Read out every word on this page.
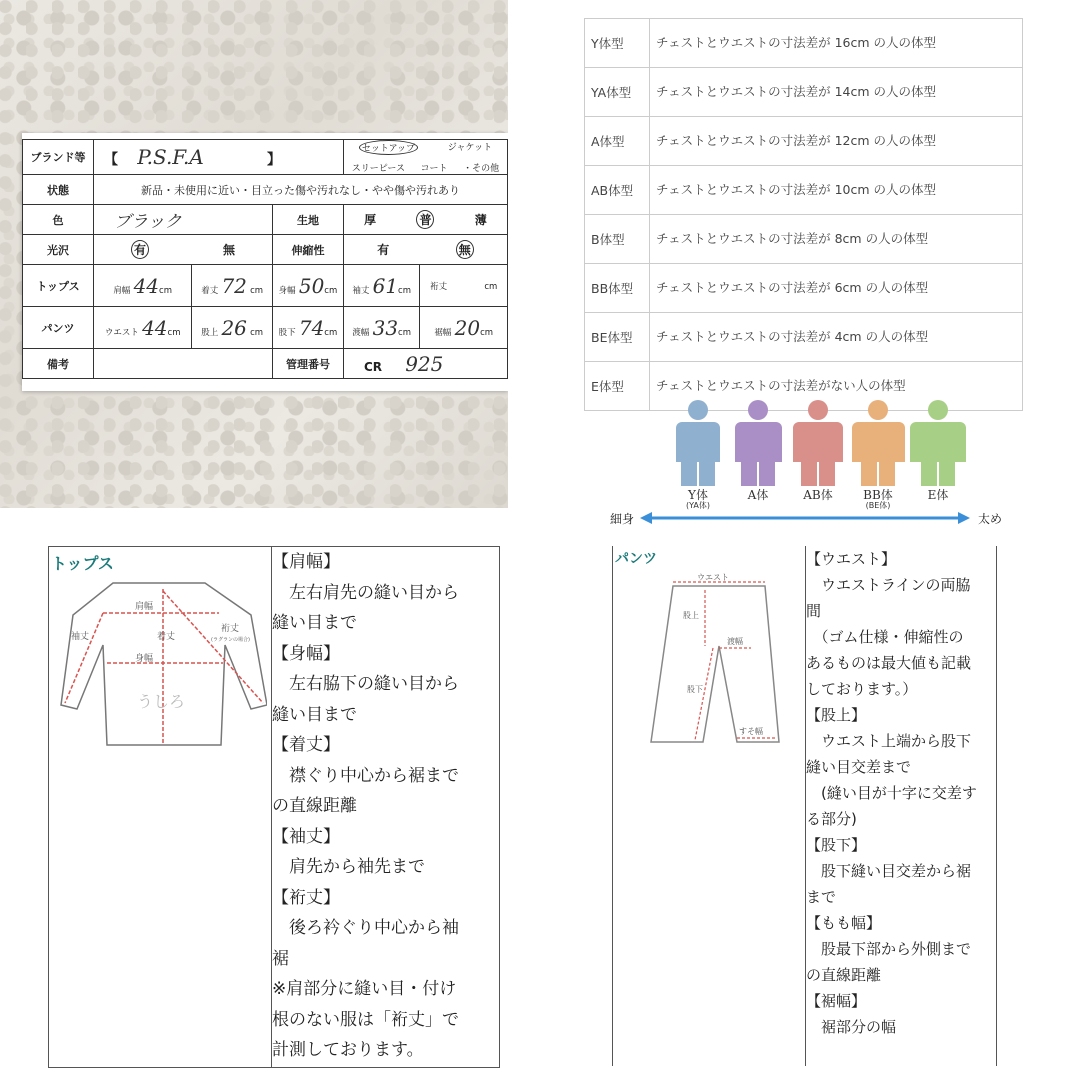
ブランド等	【 P.S.F.A 】			セットアップ ジャケット
スリーピース コート ・その他	

状態	新品・未使用に近い・目立った傷や汚れなし・やや傷や汚れあり				
色	ブラック		生地	厚 普 薄	

光沢	有 無		伸縮性	有 無	

トップス	肩幅 44cm	着丈 72 cm	身幅 50cm	袖丈 61cm	裄丈 cm
パンツ	ウエスト 44cm	股上 26 cm	股下 74cm	渡幅 33cm	裾幅 20cm
備考			管理番号	CR 925	
Y体型	チェストとウエストの寸法差が 16cm の人の体型
YA体型	チェストとウエストの寸法差が 14cm の人の体型
A体型	チェストとウエストの寸法差が 12cm の人の体型
AB体型	チェストとウエストの寸法差が 10cm の人の体型
B体型	チェストとウエストの寸法差が 8cm の人の体型
BB体型	チェストとウエストの寸法差が 6cm の人の体型
BE体型	チェストとウエストの寸法差が 4cm の人の体型
E体型	チェストとウエストの寸法差がない人の体型
Y体
(YA体)
A体	AB体	BB体
(BE体)
E体
細身	太め
トップス
肩幅
着丈
身幅
袖丈
裄丈
(ラグランの場合)
うしろ
【肩幅】
　左右肩先の縫い目から
縫い目まで
【身幅】
　左右脇下の縫い目から
縫い目まで
【着丈】
　襟ぐり中心から裾まで
の直線距離
【袖丈】
　肩先から袖先まで
【裄丈】
　後ろ衿ぐり中心から袖
裾
※肩部分に縫い目・付け
根のない服は「裄丈」で
計測しております。
パンツ
ウエスト
股上
渡幅
股下
すそ幅
【ウエスト】
　ウエストラインの両脇
間
　（ゴム仕様・伸縮性の
あるものは最大値も記載
しております。）
【股上】
　ウエスト上端から股下
縫い目交差まで
　(縫い目が十字に交差す
る部分)
【股下】
　股下縫い目交差から裾
まで
【もも幅】
　股最下部から外側まで
の直線距離
【裾幅】
　裾部分の幅
